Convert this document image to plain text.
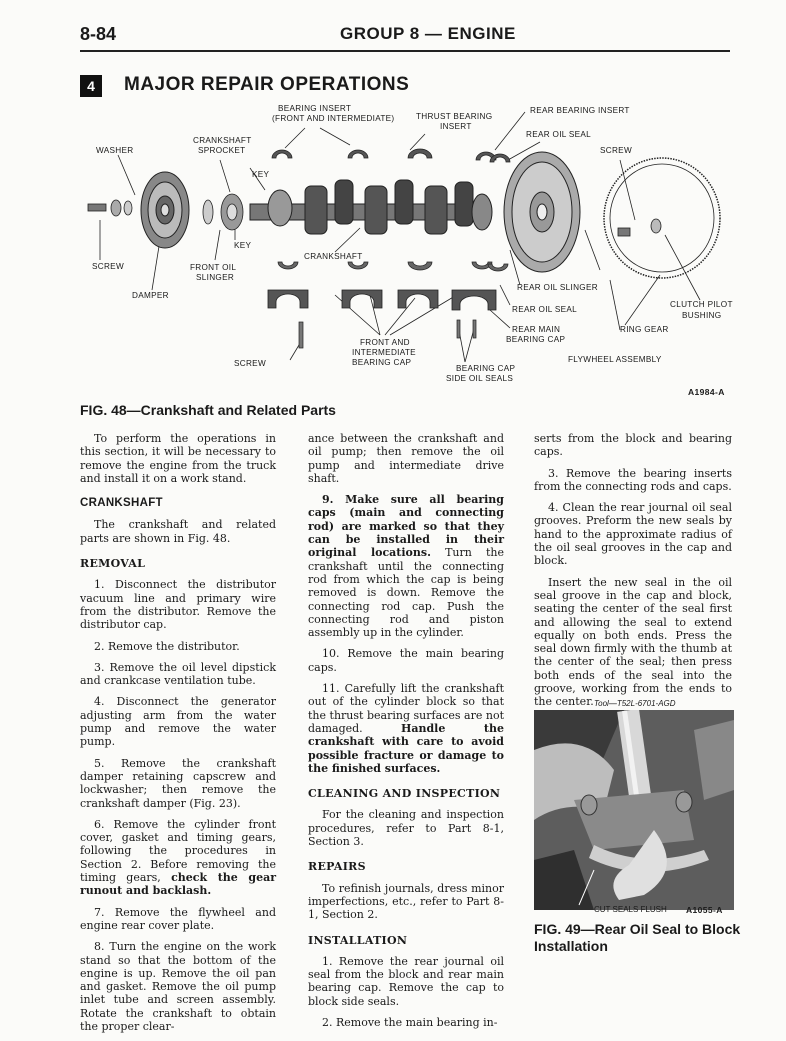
8-84	GROUP 8 — ENGINE
4	MAJOR REPAIR OPERATIONS
BEARING INSERT
(FRONT AND INTERMEDIATE)	THRUST BEARING
INSERT
REAR BEARING INSERT
REAR OIL SEAL
SCREW
CRANKSHAFT
SPROCKET
WASHER
KEY
KEY
SCREW	FRONT OIL
SLINGER
DAMPER
CRANKSHAFT
REAR OIL SLINGER
REAR OIL SEAL
CLUTCH PILOT
BUSHING
REAR MAIN
BEARING CAP
RING GEAR
FRONT AND
INTERMEDIATE
BEARING CAP
SCREW	FLYWHEEL ASSEMBLY
BEARING CAP
SIDE OIL SEALS
A1984-A
FIG. 48—Crankshaft and Related Parts

To perform the operations in this section, it will be necessary to remove the engine from the truck and install it on a work stand.

CRANKSHAFT

The crankshaft and related parts are shown in Fig. 48.

REMOVAL

1. Disconnect the distributor vacuum line and primary wire from the distributor. Remove the distributor cap.

2. Remove the distributor.

3. Remove the oil level dipstick and crankcase ventilation tube.

4. Disconnect the generator adjusting arm from the water pump and remove the water pump.

5. Remove the crankshaft damper retaining capscrew and lockwasher; then remove the crankshaft damper (Fig. 23).

6. Remove the cylinder front cover, gasket and timing gears, following the procedures in Section 2. Before removing the timing gears, check the gear runout and backlash.

7. Remove the flywheel and engine rear cover plate.

8. Turn the engine on the work stand so that the bottom of the engine is up. Remove the oil pan and gasket. Remove the oil pump inlet tube and screen assembly. Rotate the crankshaft to obtain the proper clear-

ance between the crankshaft and oil pump; then remove the oil pump and intermediate drive shaft.

9. Make sure all bearing caps (main and connecting rod) are marked so that they can be installed in their original locations. Turn the crankshaft until the connecting rod from which the cap is being removed is down. Remove the connecting rod cap. Push the connecting rod and piston assembly up in the cylinder.

10. Remove the main bearing caps.

11. Carefully lift the crankshaft out of the cylinder block so that the thrust bearing surfaces are not damaged.	Handle the crankshaft with care to avoid possible fracture or damage to the finished surfaces.

CLEANING AND INSPECTION

For the cleaning and inspection procedures, refer to Part 8-1, Section 3.

REPAIRS

To refinish journals, dress minor imperfections, etc., refer to Part 8-1, Section 2.

INSTALLATION

1. Remove the rear journal oil seal from the block and rear main bearing cap. Remove the cap to block side seals.

2. Remove the main bearing in-

serts from the block and bearing caps.

3. Remove the bearing inserts from the connecting rods and caps.

4. Clean the rear journal oil seal grooves. Preform the new seals by hand to the approximate radius of the oil seal grooves in the cap and block.

Insert the new seal in the oil seal groove in the cap and block, seating the center of the seal first and allowing the seal to extend equally on both ends. Press the seal down firmly with the thumb at the center of the seal; then press both ends of the seal into the groove, working from the ends to the center. Tool—T52L-6701-AGD
CUT SEALS FLUSH A1055-A
FIG. 49—Rear Oil Seal to Block
Installation
